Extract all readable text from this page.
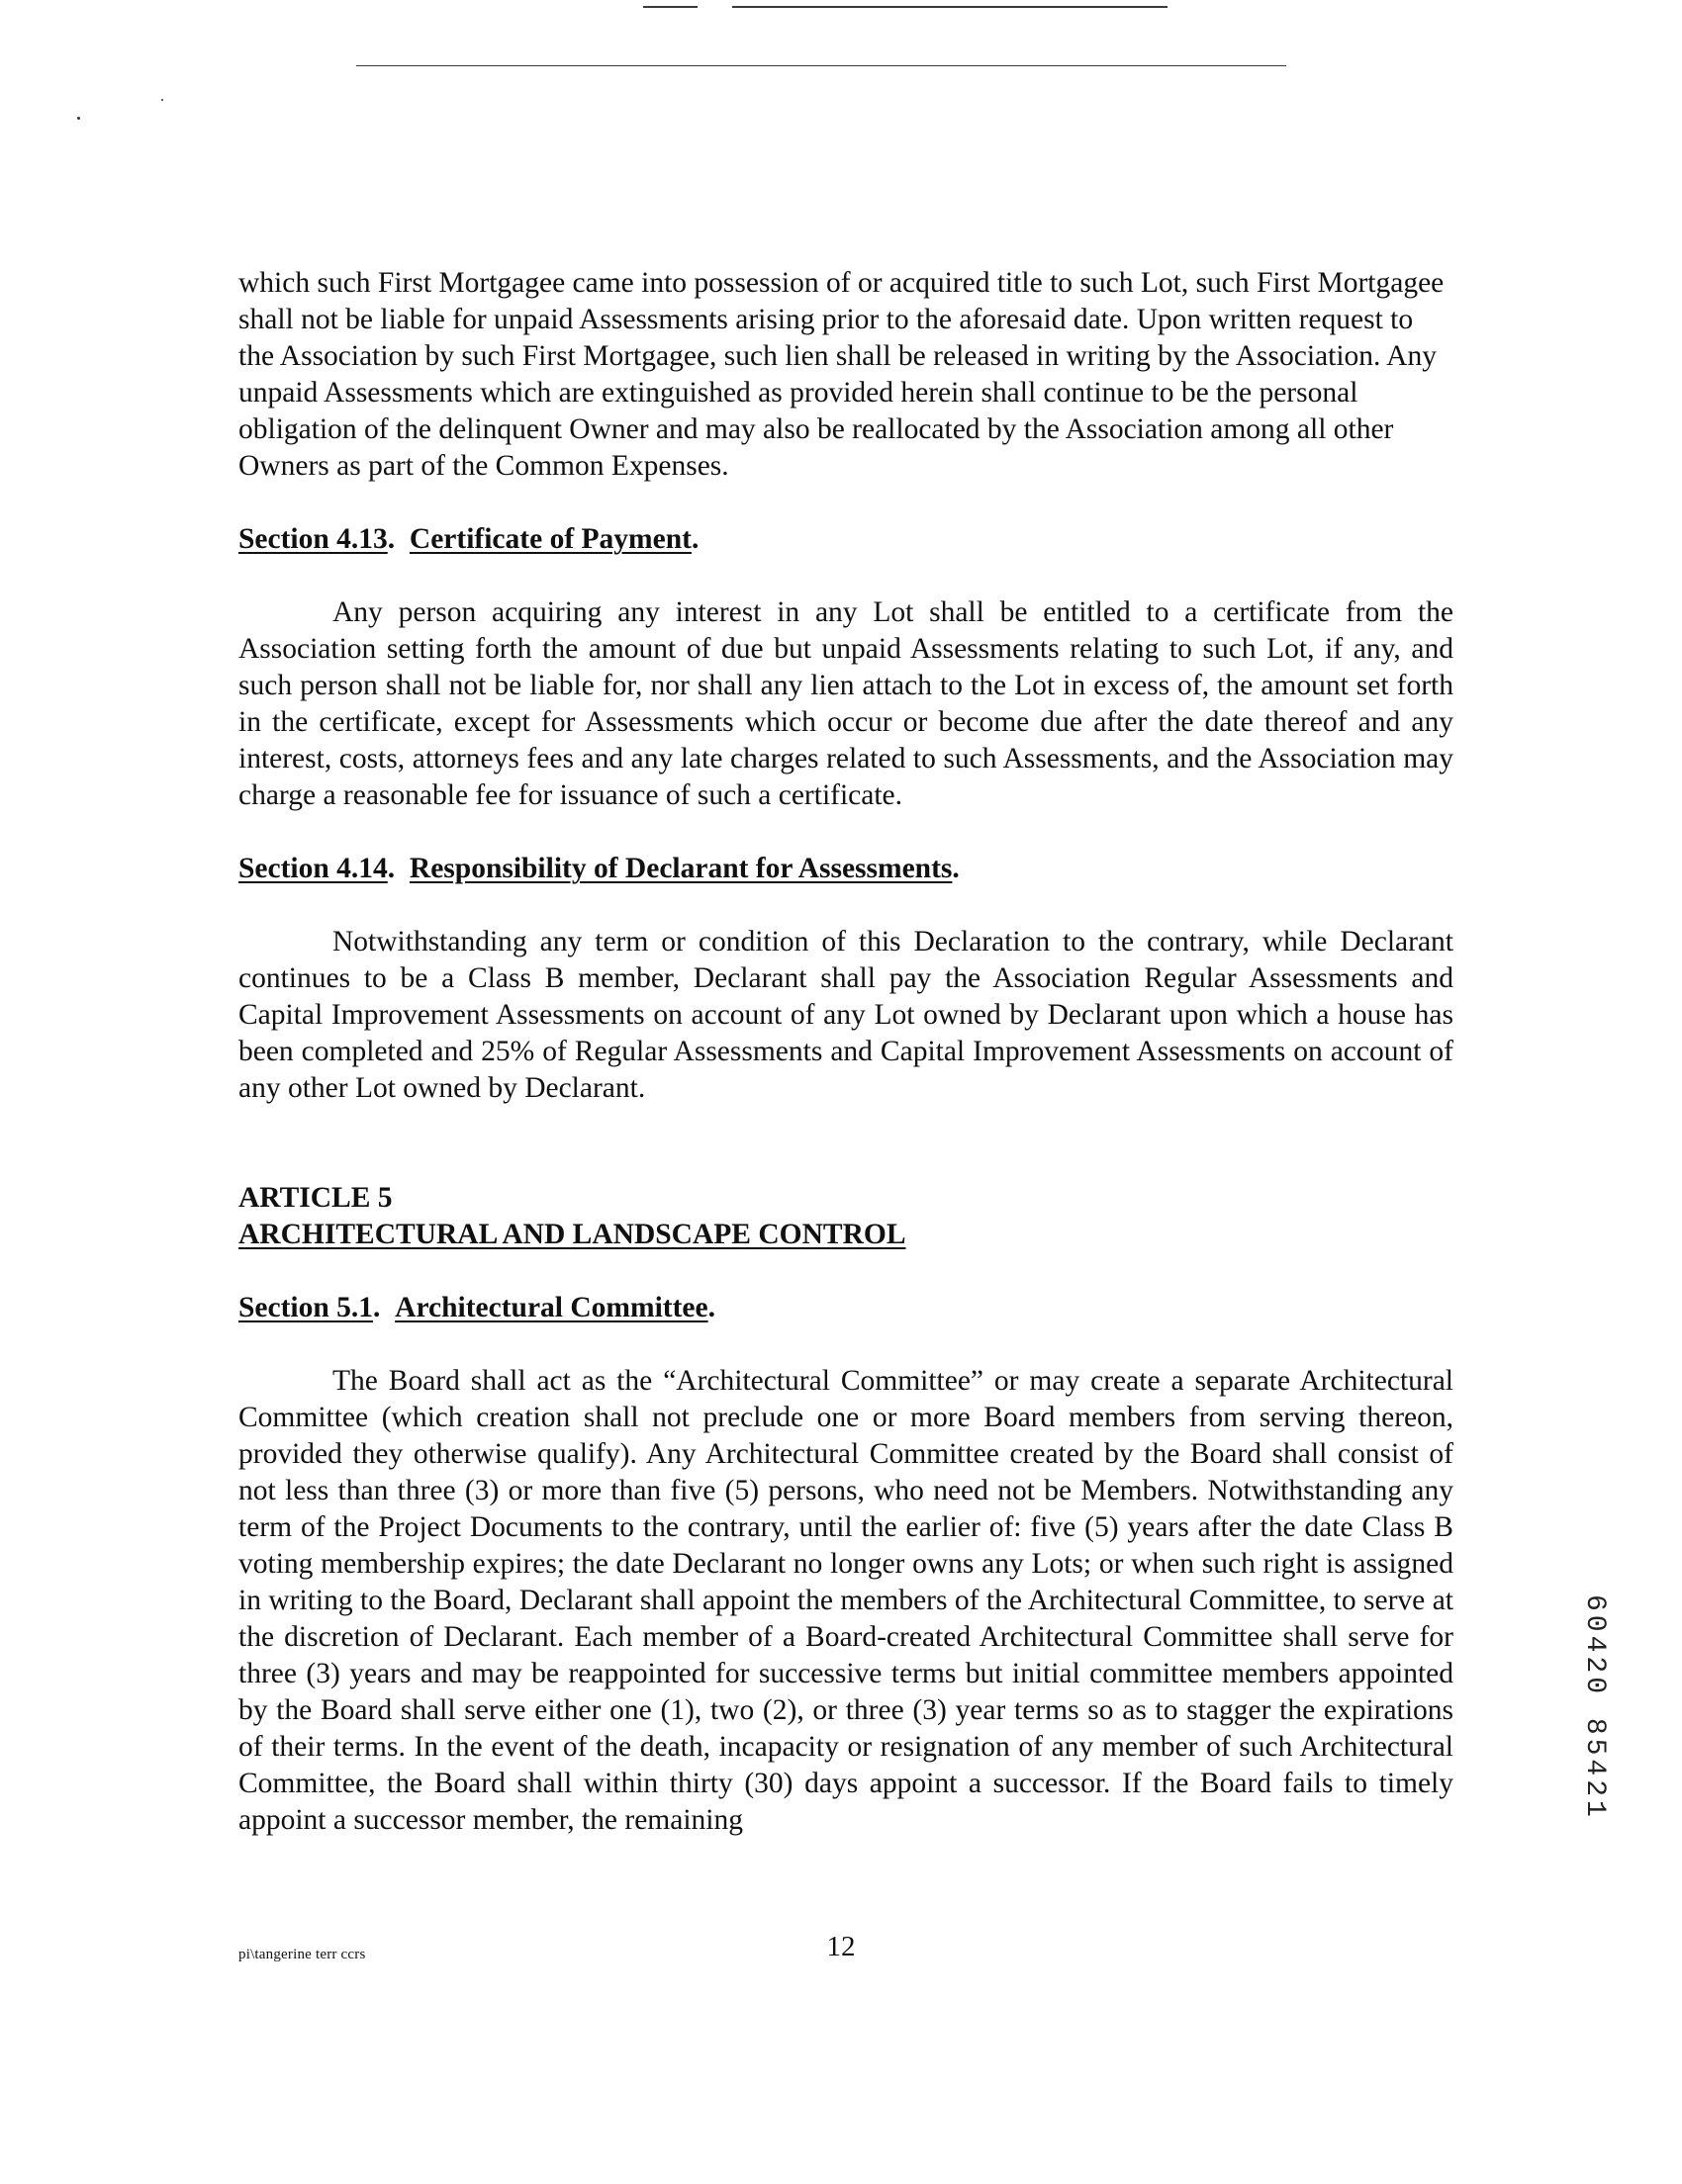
which such First Mortgagee came into possession of or acquired title to such Lot, such First Mortgagee shall not be liable for unpaid Assessments arising prior to the aforesaid date. Upon written request to the Association by such First Mortgagee, such lien shall be released in writing by the Association. Any unpaid Assessments which are extinguished as provided herein shall continue to be the personal obligation of the delinquent Owner and may also be reallocated by the Association among all other Owners as part of the Common Expenses.

Section 4.13.  Certificate of Payment.

Any person acquiring any interest in any Lot shall be entitled to a certificate from the Association setting forth the amount of due but unpaid Assessments relating to such Lot, if any, and such person shall not be liable for, nor shall any lien attach to the Lot in excess of, the amount set forth in the certificate, except for Assessments which occur or become due after the date thereof and any interest, costs, attorneys fees and any late charges related to such Assessments, and the Association may charge a reasonable fee for issuance of such a certificate.

Section 4.14.  Responsibility of Declarant for Assessments.

Notwithstanding any term or condition of this Declaration to the contrary, while Declarant continues to be a Class B member, Declarant shall pay the Association Regular Assessments and Capital Improvement Assessments on account of any Lot owned by Declarant upon which a house has been completed and 25% of Regular Assessments and Capital Improvement Assessments on account of any other Lot owned by Declarant.

ARTICLE 5

ARCHITECTURAL AND LANDSCAPE CONTROL

Section 5.1.  Architectural Committee.

The Board shall act as the “Architectural Committee” or may create a separate Architectural Committee (which creation shall not preclude one or more Board members from serving thereon, provided they otherwise qualify). Any Architectural Committee created by the Board shall consist of not less than three (3) or more than five (5) persons, who need not be Members. Notwithstanding any term of the Project Documents to the contrary, until the earlier of: five (5) years after the date Class B voting membership expires; the date Declarant no longer owns any Lots; or when such right is assigned in writing to the Board, Declarant shall appoint the members of the Architectural Committee, to serve at the discretion of Declarant. Each member of a Board-created Architectural Committee shall serve for three (3) years and may be reappointed for successive terms but initial committee members appointed by the Board shall serve either one (1), two (2), or three (3) year terms so as to stagger the expirations of their terms. In the event of the death, incapacity or resignation of any member of such Architectural Committee, the Board shall within thirty (30) days appoint a successor. If the Board fails to timely appoint a successor member, the remaining

pi\tangerine terr ccrs	12
60420 85421
